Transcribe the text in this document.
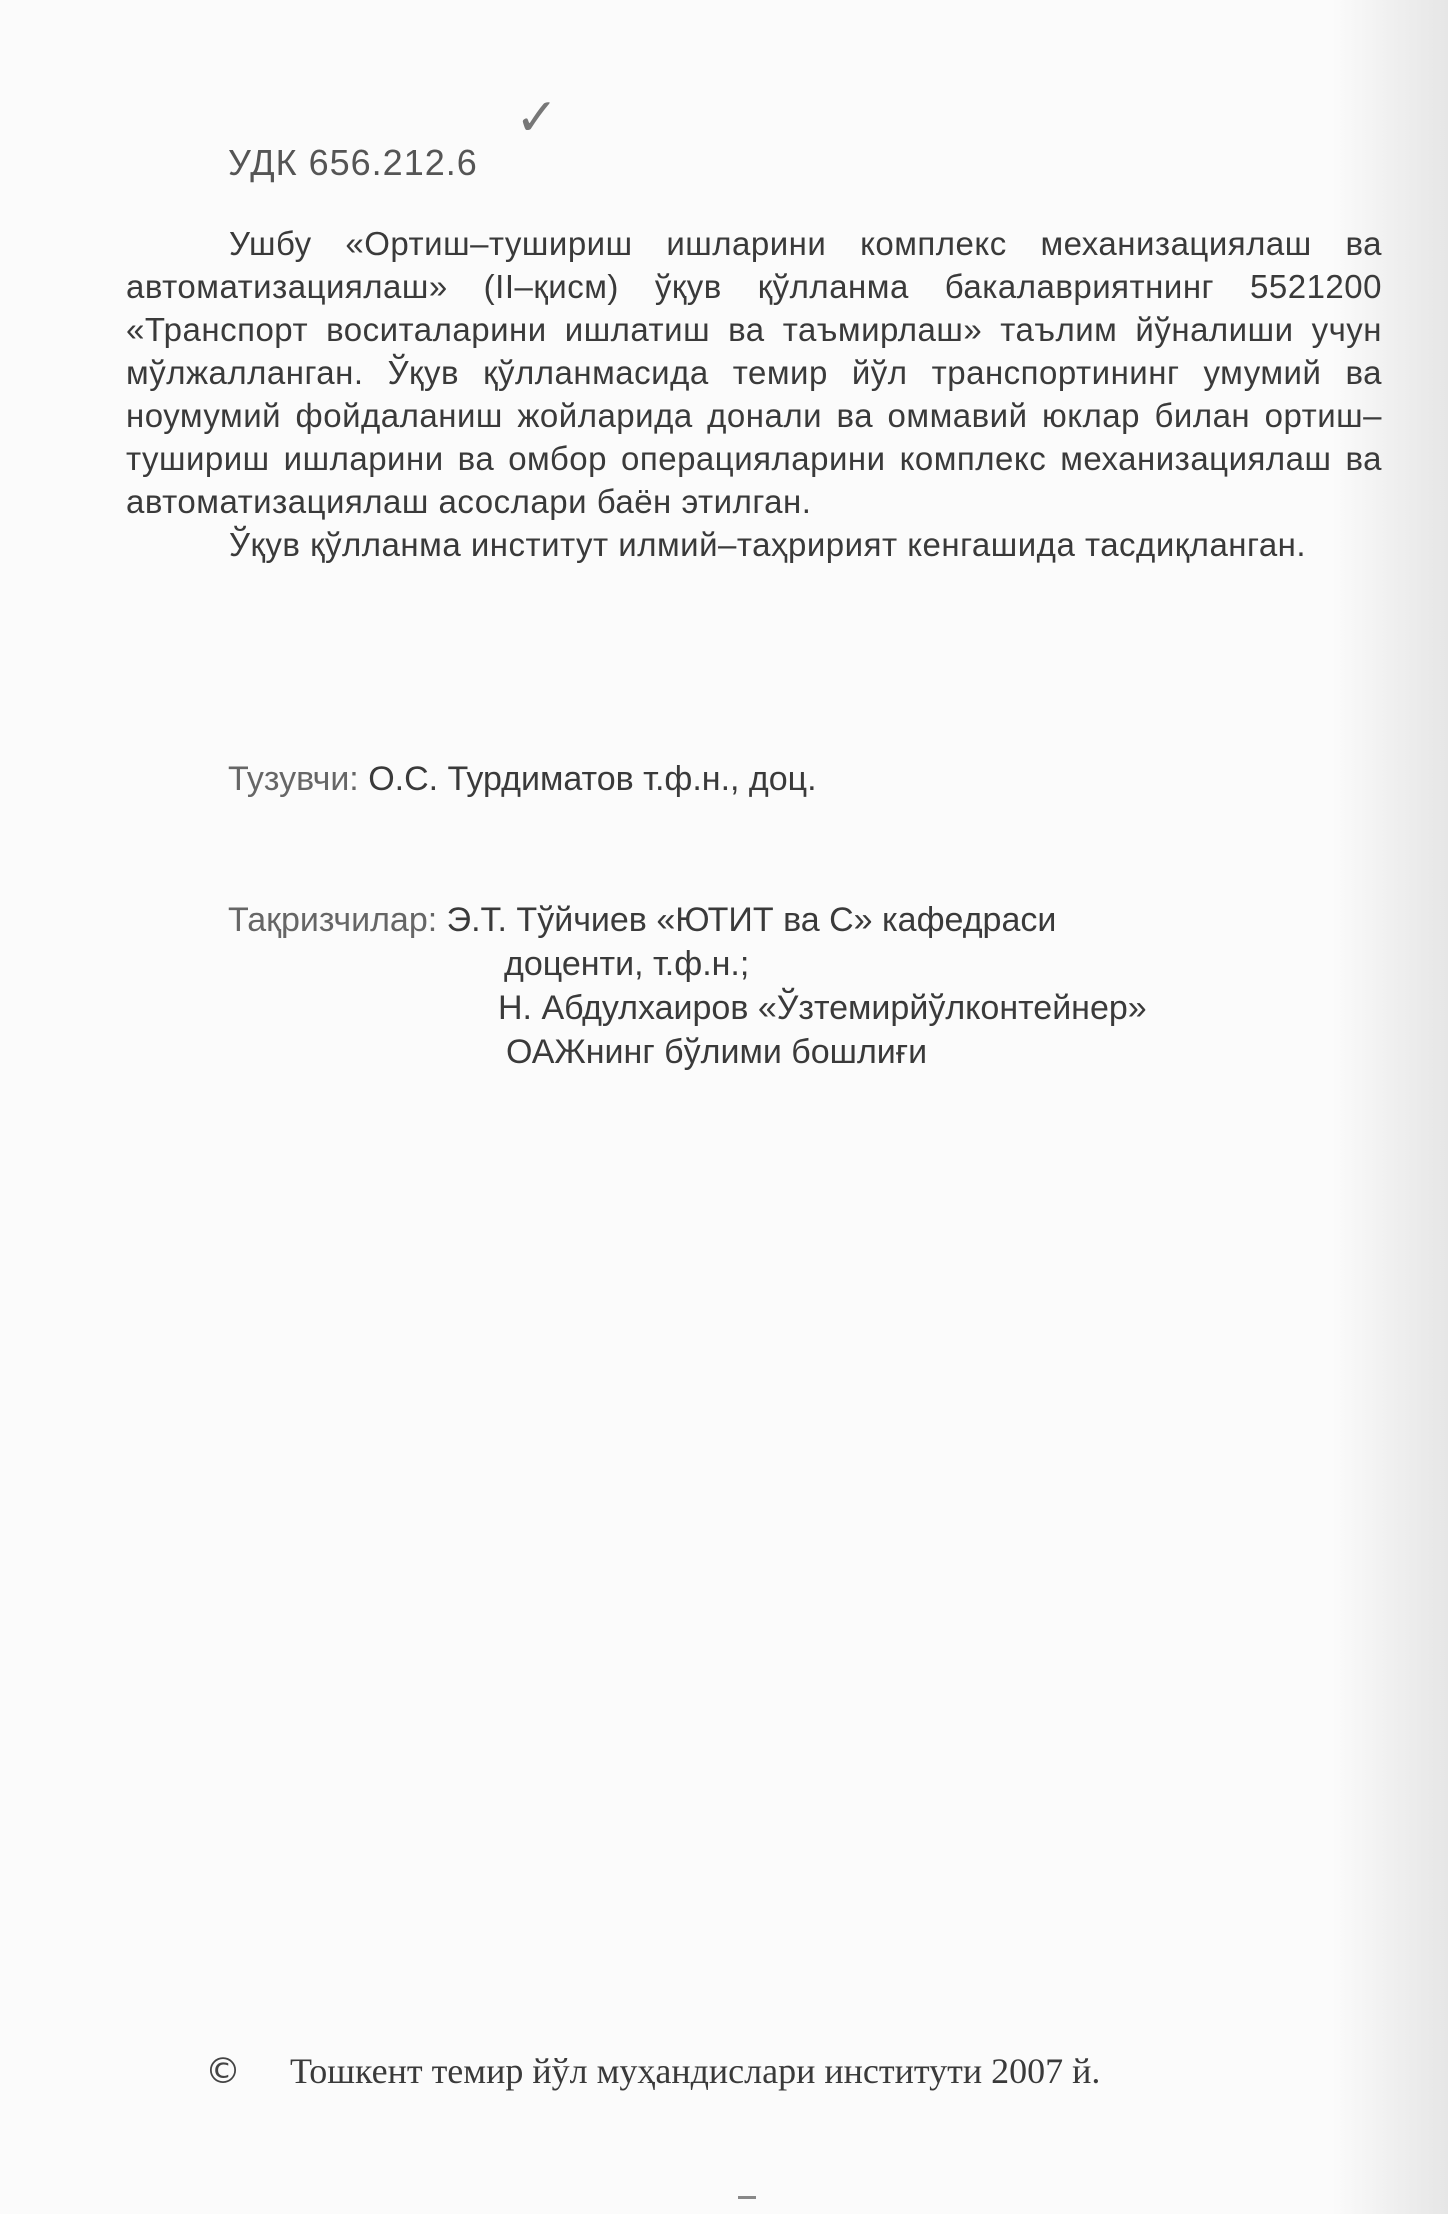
✓
УДК 656.212.6

Ушбу «Ортиш–тушириш ишларини комплекс механизациялаш ва автоматизациялаш» (II–қисм) ўқув қўлланма бакалавриятнинг 5521200 «Транспорт воситаларини ишлатиш ва таъмирлаш» таълим йўналиши учун мўлжалланган. Ўқув қўлланмасида темир йўл транспортининг умумий ва ноумумий фойдаланиш жойларида донали ва оммавий юклар билан ортиш–тушириш ишларини ва омбор операцияларини комплекс механизациялаш ва автоматизациялаш асослари баён этилган.

Ўқув қўлланма институт илмий–таҳририят кенгашида тасдиқланган.

Тузувчи: О.С. Турдиматов т.ф.н., доц.
Тақризчилар: Э.Т. Тўйчиев «ЮТИТ ва С» кафедраси
доценти, т.ф.н.;
Н. Абдулхаиров «Ўзтемирйўлконтейнер»
ОАЖнинг бўлими бошлиғи
© Тошкент темир йўл муҳандислари институти 2007 й.
